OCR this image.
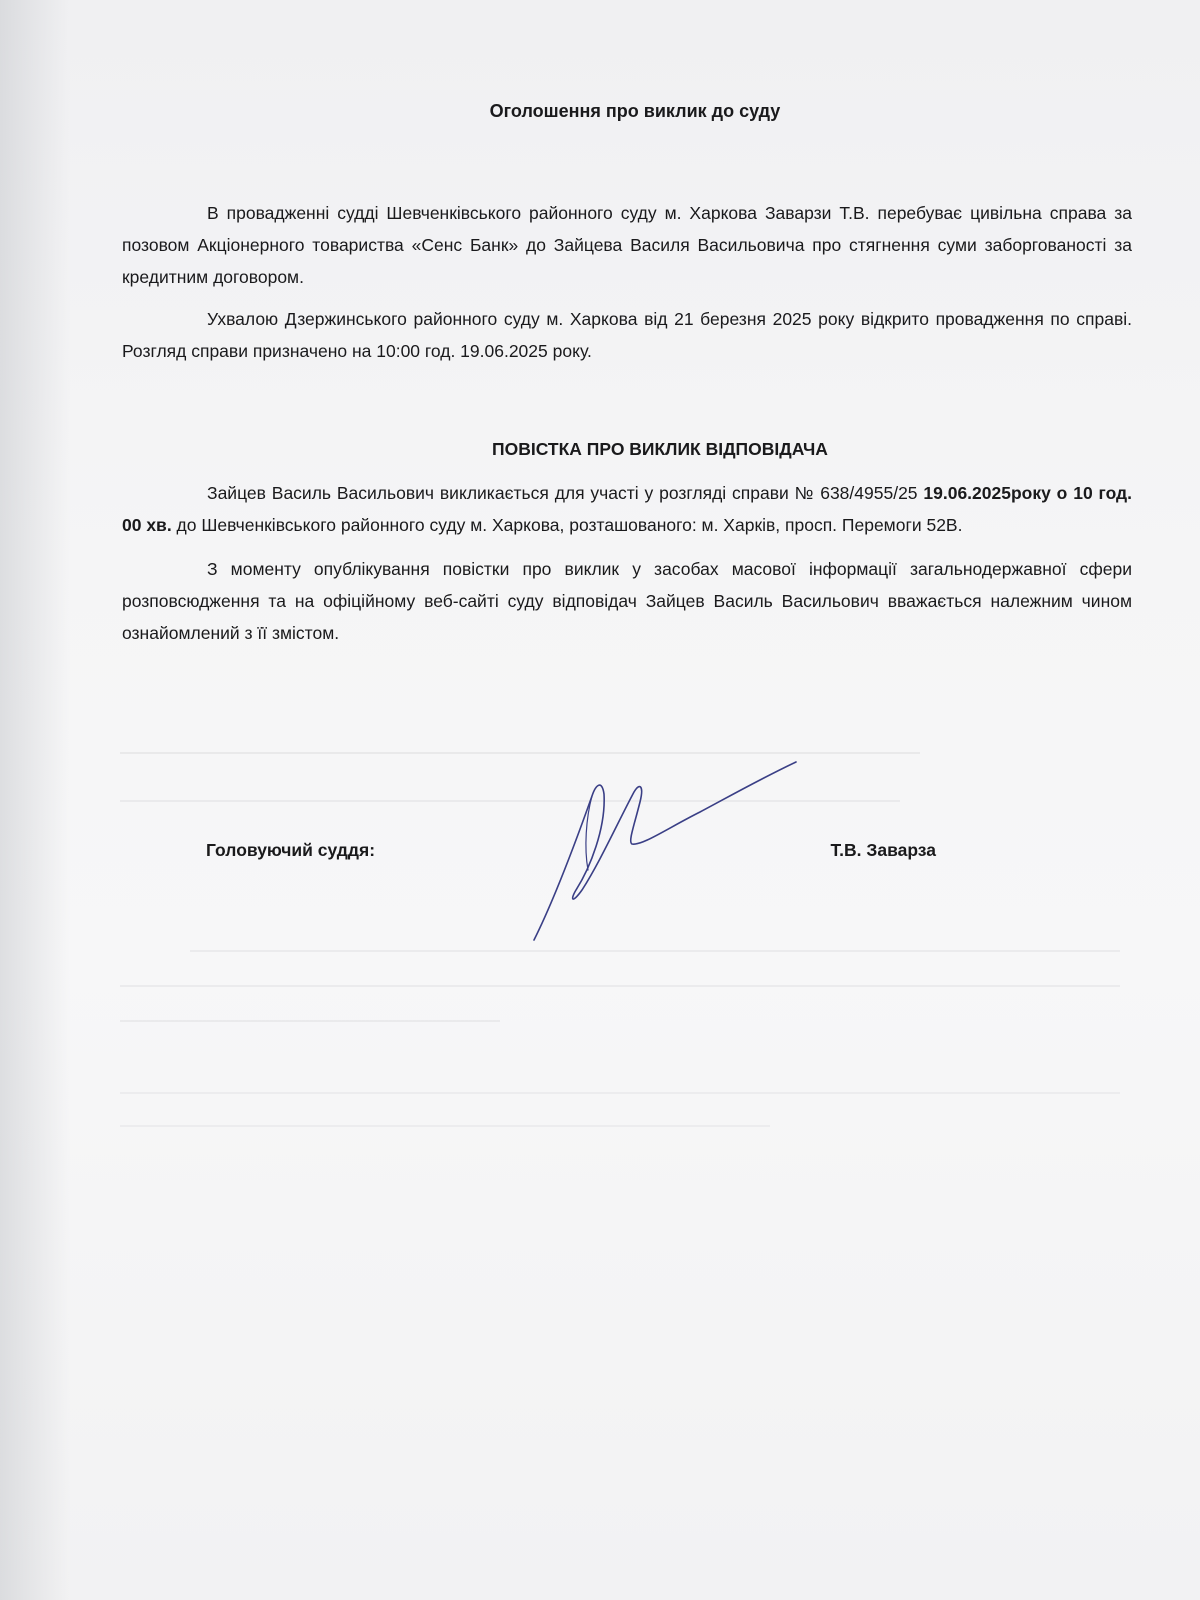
Оголошення про виклик до суду

В провадженні судді Шевченківського районного суду м. Харкова Заварзи Т.В. перебуває цивільна справа за позовом Акціонерного товариства «Сенс Банк» до Зайцева Василя Васильовича про стягнення суми заборгованості за кредитним договором.

Ухвалою Дзержинського районного суду м. Харкова від 21 березня 2025 року відкрито провадження по справі. Розгляд справи призначено на 10:00 год. 19.06.2025 року.

ПОВІСТКА ПРО ВИКЛИК ВІДПОВІДАЧА

Зайцев Василь Васильович викликається для участі у розгляді справи № 638/4955/25 19.06.2025року о 10 год. 00 хв. до Шевченківського районного суду м. Харкова, розташованого: м. Харків, просп. Перемоги 52В.

З моменту опублікування повістки про виклик у засобах масової інформації загальнодержавної сфери розповсюдження та на офіційному веб-сайті суду відповідач Зайцев Василь Васильович вважається належним чином ознайомлений з її змістом.

Головуючий суддя:	Т.В. Заварза
